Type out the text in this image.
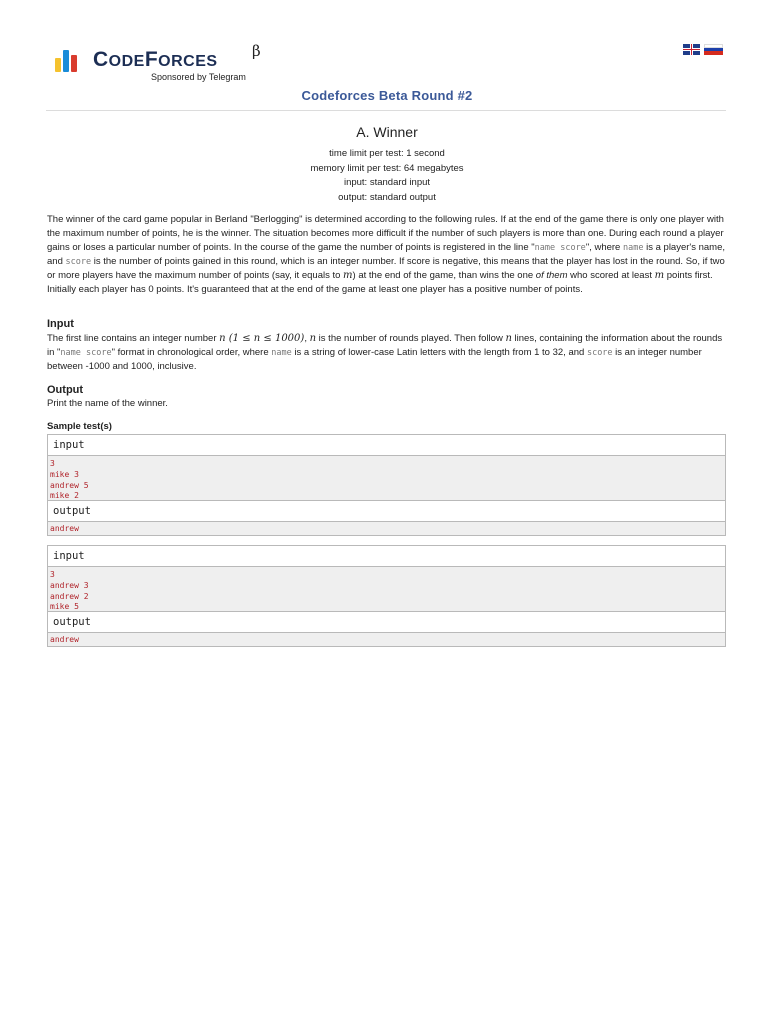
CODEFORCES
β
Sponsored by Telegram
Codeforces Beta Round #2
A. Winner
time limit per test: 1 second
memory limit per test: 64 megabytes
input: standard input
output: standard output
The winner of the card game popular in Berland "Berlogging" is determined according to the following rules. If at the end of the game there is only one player with the maximum number of points, he is the winner. The situation becomes more difficult if the number of such players is more than one. During each round a player gains or loses a particular number of points. In the course of the game the number of points is registered in the line "name score", where name is a player's name, and score is the number of points gained in this round, which is an integer number. If score is negative, this means that the player has lost in the round. So, if two or more players have the maximum number of points (say, it equals to m) at the end of the game, than wins the one of them who scored at least m points first. Initially each player has 0 points. It's guaranteed that at the end of the game at least one player has a positive number of points.
Input
The first line contains an integer number n (1 ≤ n ≤ 1000), n is the number of rounds played. Then follow n lines, containing the information about the rounds in "name score" format in chronological order, where name is a string of lower-case Latin letters with the length from 1 to 32, and score is an integer number between -1000 and 1000, inclusive.
Output
Print the name of the winner.
Sample test(s)
input
3
mike 3
andrew 5
mike 2
output
andrew
input
3
andrew 3
andrew 2
mike 5
output
andrew
